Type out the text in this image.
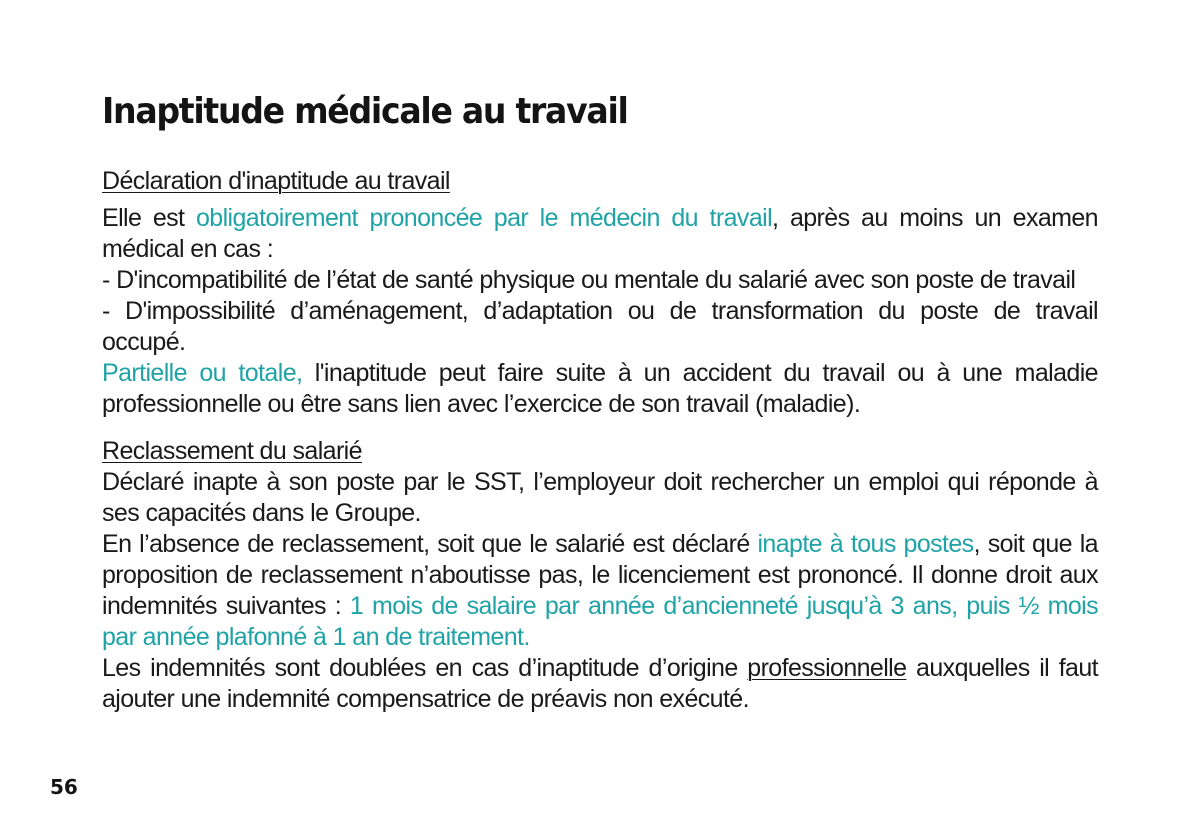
Inaptitude médicale au travail
Déclaration d'inaptitude au travail

Elle est obligatoirement prononcée par le médecin du travail, après au moins un examen médical en cas :

- D'incompatibilité de l’état de santé physique ou mentale du salarié avec son poste de travail

- D'impossibilité d’aménagement, d’adaptation ou de transformation du poste de travail occupé.

Partielle ou totale, l'inaptitude peut faire suite à un accident du travail ou à une maladie professionnelle ou être sans lien avec l’exercice de son travail (maladie).

Reclassement du salarié

Déclaré inapte à son poste par le SST, l’employeur doit rechercher un emploi qui réponde à ses capacités dans le Groupe.

En l’absence de reclassement, soit que le salarié est déclaré inapte à tous postes, soit que la proposition de reclassement n’aboutisse pas, le licenciement est prononcé. Il donne droit aux indemnités suivantes : 1 mois de salaire par année d’ancienneté jusqu’à 3 ans, puis ½ mois par année plafonné à 1 an de traitement.

Les indemnités sont doublées en cas d’inaptitude d’origine professionnelle auxquelles il faut ajouter une indemnité compensatrice de préavis non exécuté.

56
